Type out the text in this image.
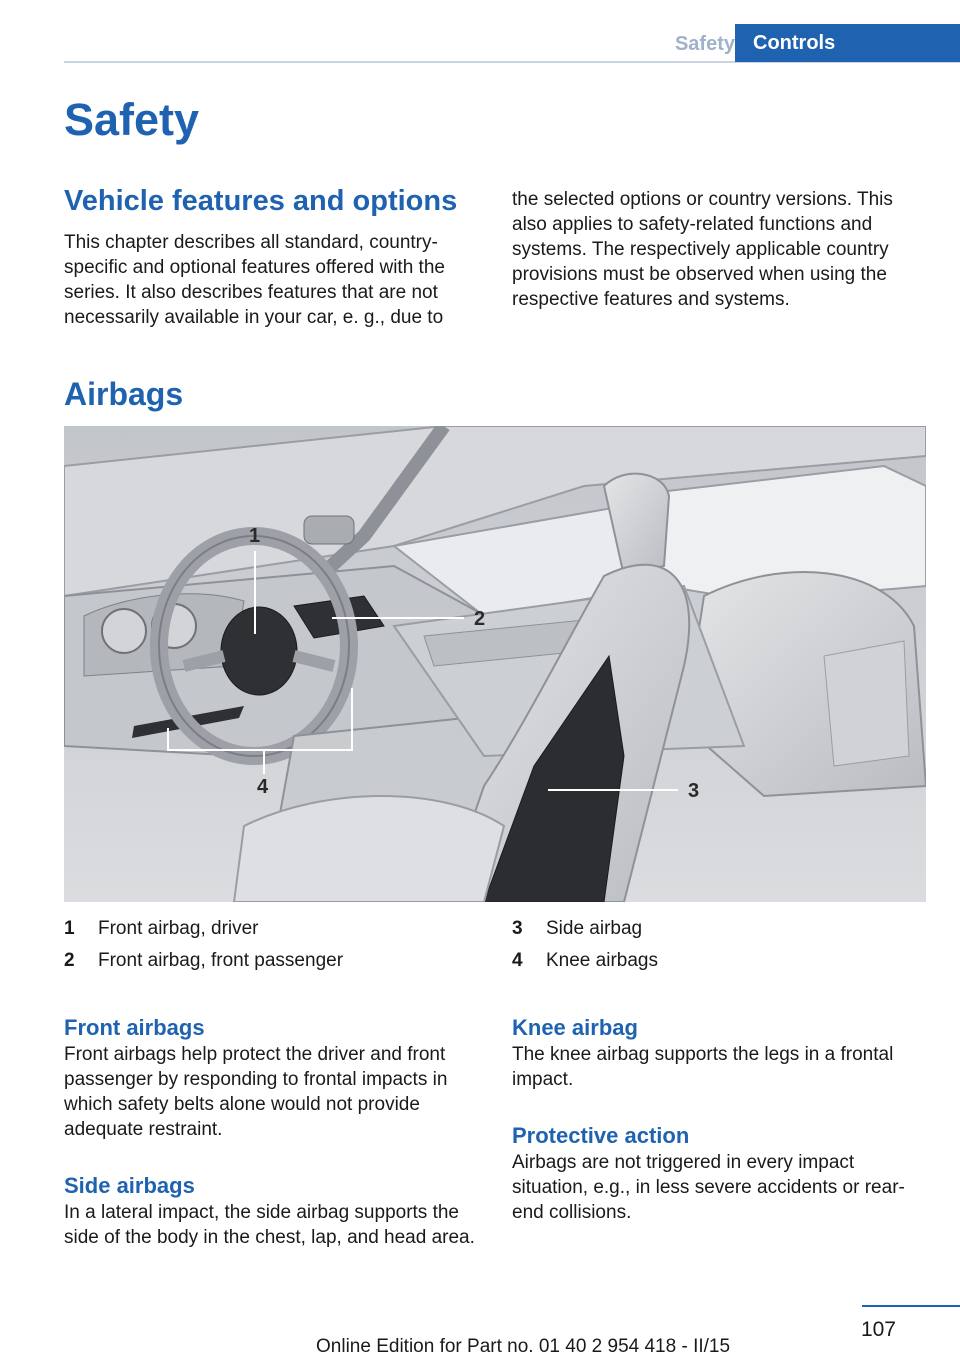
Safety Controls
Safety
Vehicle features and options
This chapter describes all standard, country-specific and optional features offered with the series. It also describes features that are not necessarily available in your car, e. g., due to
the selected options or country versions. This also applies to safety-related functions and systems. The respectively applicable country provisions must be observed when using the respective features and systems.
Airbags
1
2
3
4
1	Front airbag, driver
2	Front airbag, front passenger
3	Side airbag
4	Knee airbags
Front airbags
Front airbags help protect the driver and front passenger by responding to frontal impacts in which safety belts alone would not provide adequate restraint.
Side airbags
In a lateral impact, the side airbag supports the side of the body in the chest, lap, and head area.
Knee airbag
The knee airbag supports the legs in a frontal impact.
Protective action
Airbags are not triggered in every impact situation, e.g., in less severe accidents or rear-end collisions.
107
Online Edition for Part no. 01 40 2 954 418 - II/15
